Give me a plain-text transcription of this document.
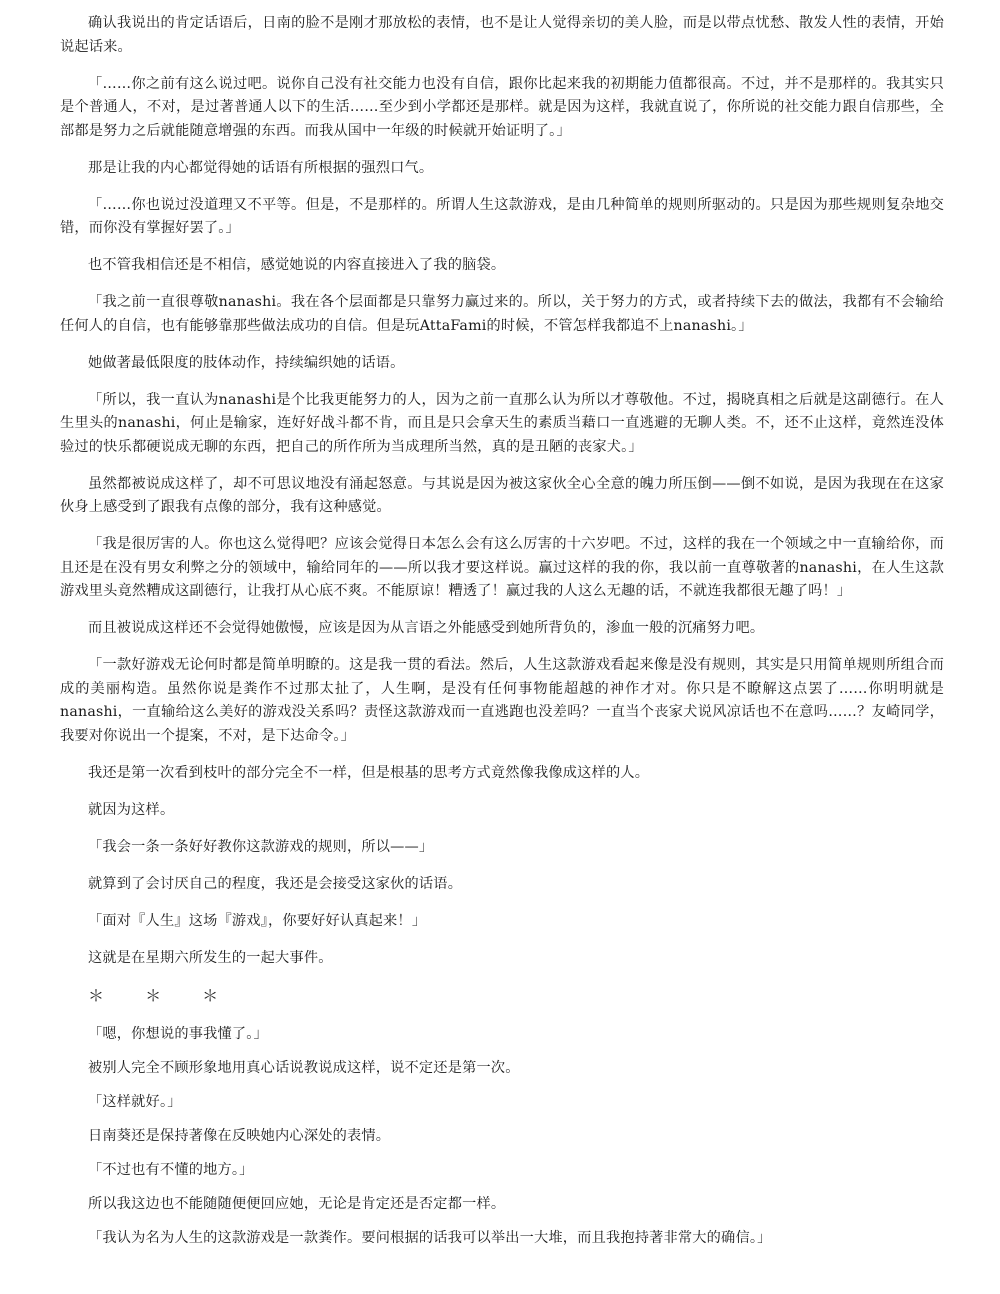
确认我说出的肯定话语后，日南的脸不是刚才那放松的表情，也不是让人觉得亲切的美人脸，而是以带点忧愁、散发人性的表情，开始说起话来。

「……你之前有这么说过吧。说你自己没有社交能力也没有自信，跟你比起来我的初期能力值都很高。不过，并不是那样的。我其实只是个普通人，不对，是过著普通人以下的生活……至少到小学都还是那样。就是因为这样，我就直说了，你所说的社交能力跟自信那些，全部都是努力之后就能随意增强的东西。而我从国中一年级的时候就开始证明了。」

那是让我的内心都觉得她的话语有所根据的强烈口气。

「……你也说过没道理又不平等。但是，不是那样的。所谓人生这款游戏，是由几种简单的规则所驱动的。只是因为那些规则复杂地交错，而你没有掌握好罢了。」

也不管我相信还是不相信，感觉她说的内容直接进入了我的脑袋。

「我之前一直很尊敬nanashi。我在各个层面都是只靠努力赢过来的。所以，关于努力的方式，或者持续下去的做法，我都有不会输给任何人的自信，也有能够靠那些做法成功的自信。但是玩AttaFami的时候，不管怎样我都追不上nanashi。」

她做著最低限度的肢体动作，持续编织她的话语。

「所以，我一直认为nanashi是个比我更能努力的人，因为之前一直那么认为所以才尊敬他。不过，揭晓真相之后就是这副德行。在人生里头的nanashi，何止是输家，连好好战斗都不肯，而且是只会拿天生的素质当藉口一直逃避的无聊人类。不，还不止这样，竟然连没体验过的快乐都硬说成无聊的东西，把自己的所作所为当成理所当然，真的是丑陋的丧家犬。」

虽然都被说成这样了，却不可思议地没有涌起怒意。与其说是因为被这家伙全心全意的魄力所压倒——倒不如说，是因为我现在在这家伙身上感受到了跟我有点像的部分，我有这种感觉。

「我是很厉害的人。你也这么觉得吧？应该会觉得日本怎么会有这么厉害的十六岁吧。不过，这样的我在一个领域之中一直输给你，而且还是在没有男女利弊之分的领域中，输给同年的——所以我才要这样说。赢过这样的我的你，我以前一直尊敬著的nanashi，在人生这款游戏里头竟然糟成这副德行，让我打从心底不爽。不能原谅！糟透了！赢过我的人这么无趣的话，不就连我都很无趣了吗！」

而且被说成这样还不会觉得她傲慢，应该是因为从言语之外能感受到她所背负的，渗血一般的沉痛努力吧。

「一款好游戏无论何时都是简单明瞭的。这是我一贯的看法。然后，人生这款游戏看起来像是没有规则，其实是只用简单规则所组合而成的美丽构造。虽然你说是粪作不过那太扯了，人生啊，是没有任何事物能超越的神作才对。你只是不瞭解这点罢了……你明明就是nanashi，一直输给这么美好的游戏没关系吗？责怪这款游戏而一直逃跑也没差吗？一直当个丧家犬说风凉话也不在意吗……？友崎同学，我要对你说出一个提案，不对，是下达命令。」

我还是第一次看到枝叶的部分完全不一样，但是根基的思考方式竟然像我像成这样的人。

就因为这样。

「我会一条一条好好教你这款游戏的规则，所以——」

就算到了会讨厌自己的程度，我还是会接受这家伙的话语。

「面对『人生』这场『游戏』，你要好好认真起来！」

这就是在星期六所发生的一起大事件。

＊ ＊ ＊

「嗯，你想说的事我懂了。」

被别人完全不顾形象地用真心话说教说成这样，说不定还是第一次。

「这样就好。」

日南葵还是保持著像在反映她内心深处的表情。

「不过也有不懂的地方。」

所以我这边也不能随随便便回应她，无论是肯定还是否定都一样。

「我认为名为人生的这款游戏是一款粪作。要问根据的话我可以举出一大堆，而且我抱持著非常大的确信。」
